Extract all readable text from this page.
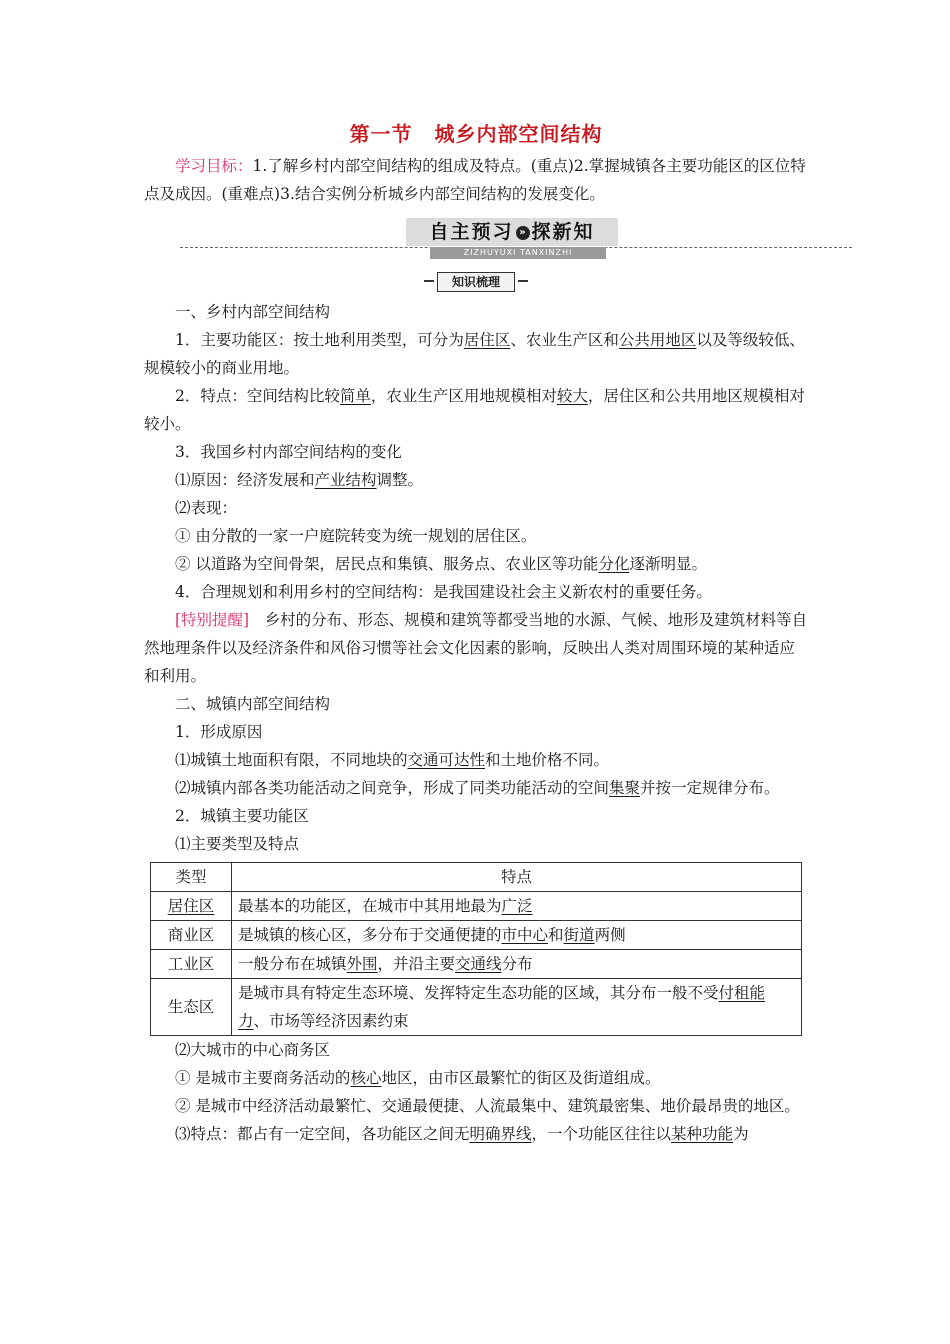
第一节 城乡内部空间结构

学习目标：1.了解乡村内部空间结构的组成及特点。(重点)2.掌握城镇各主要功能区的区位特点及成因。(重难点)3.结合实例分析城乡内部空间结构的发展变化。

自主预习 » 探新知
ZIZHUYUXI TANXINZHI
知识梳理

一、乡村内部空间结构

1．主要功能区：按土地利用类型，可分为居住区、农业生产区和公共用地区以及等级较低、规模较小的商业用地。

2．特点：空间结构比较简单，农业生产区用地规模相对较大，居住区和公共用地区规模相对较小。

3．我国乡村内部空间结构的变化

⑴原因：经济发展和产业结构调整。

⑵表现：

① 由分散的一家一户庭院转变为统一规划的居住区。

② 以道路为空间骨架，居民点和集镇、服务点、农业区等功能分化逐渐明显。

4．合理规划和利用乡村的空间结构：是我国建设社会主义新农村的重要任务。

[特别提醒]　乡村的分布、形态、规模和建筑等都受当地的水源、气候、地形及建筑材料等自然地理条件以及经济条件和风俗习惯等社会文化因素的影响，反映出人类对周围环境的某种适应和利用。

二、城镇内部空间结构

1．形成原因

⑴城镇土地面积有限，不同地块的交通可达性和土地价格不同。

⑵城镇内部各类功能活动之间竞争，形成了同类功能活动的空间集聚并按一定规律分布。

2．城镇主要功能区

⑴主要类型及特点

类型	特点
居住区	最基本的功能区，在城市中其用地最为广泛
商业区	是城镇的核心区，多分布于交通便捷的市中心和街道两侧
工业区	一般分布在城镇外围，并沿主要交通线分布
生态区	是城市具有特定生态环境、发挥特定生态功能的区域，其分布一般不受付租能力、市场等经济因素约束

⑵大城市的中心商务区

① 是城市主要商务活动的核心地区，由市区最繁忙的街区及街道组成。

② 是城市中经济活动最繁忙、交通最便捷、人流最集中、建筑最密集、地价最昂贵的地区。

⑶特点：都占有一定空间，各功能区之间无明确界线，一个功能区往往以某种功能为
